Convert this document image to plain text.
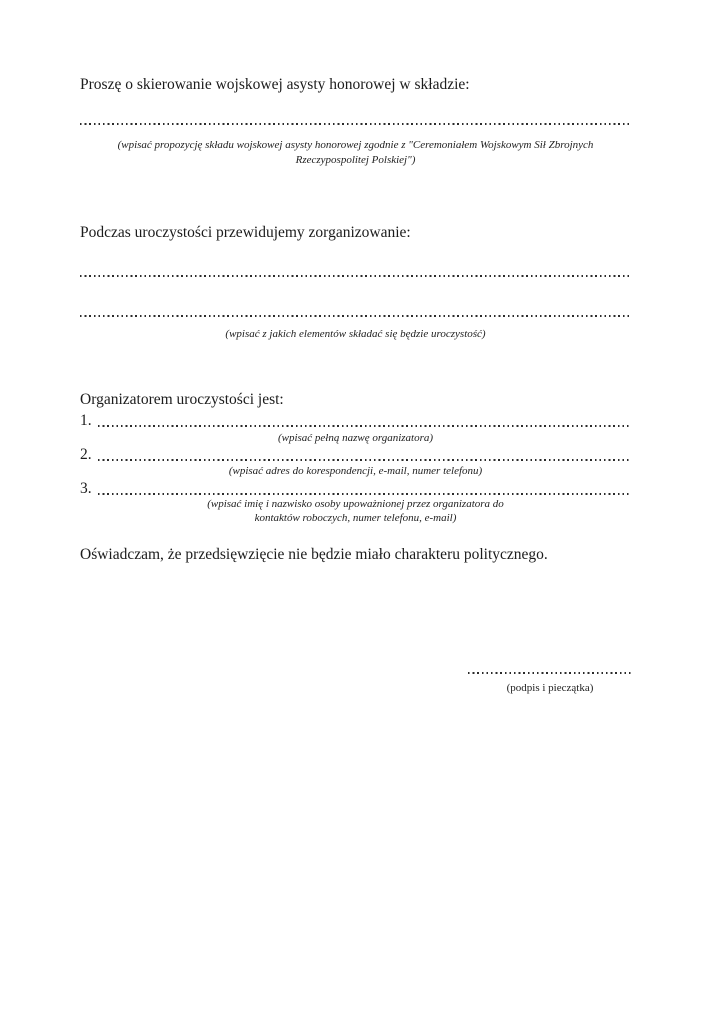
Proszę o skierowanie wojskowej asysty honorowej w składzie:
(wpisać propozycję składu wojskowej asysty honorowej zgodnie z "Ceremoniałem Wojskowym Sił Zbrojnych
Rzeczypospolitej Polskiej")
Podczas uroczystości przewidujemy zorganizowanie:
(wpisać z jakich elementów składać się będzie uroczystość)
Organizatorem uroczystości jest:
1.
(wpisać pełną nazwę organizatora)
2.
(wpisać adres do korespondencji, e-mail, numer telefonu)
3.
(wpisać imię i nazwisko osoby upoważnionej przez organizatora do
kontaktów roboczych, numer telefonu, e-mail)
Oświadczam, że przedsięwzięcie nie będzie miało charakteru politycznego.
(podpis i pieczątka)
